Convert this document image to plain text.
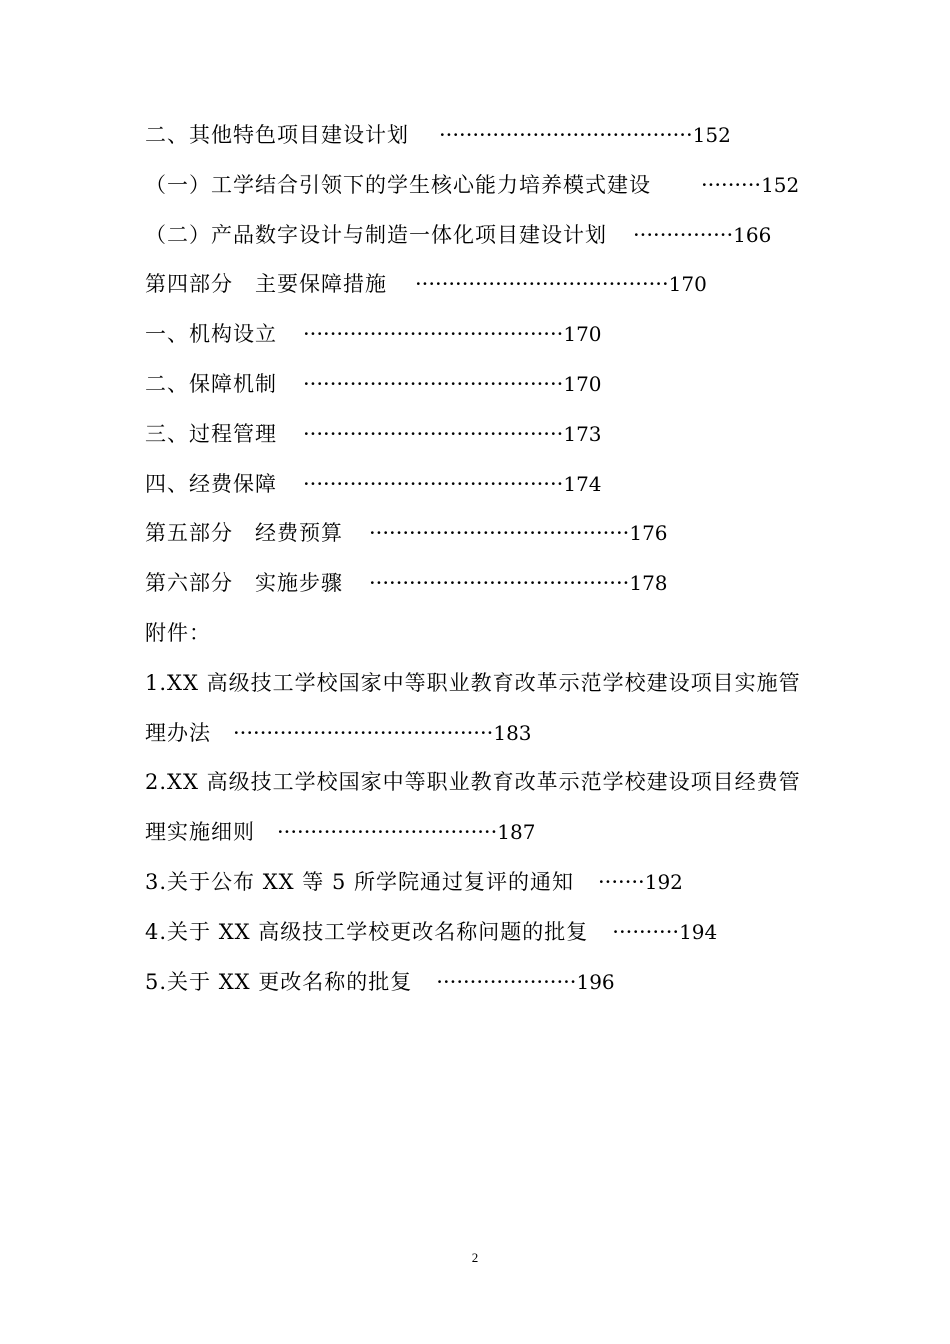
二、其他特色项目建设计划 ······································ 152
（一）工学结合引领下的学生核心能力培养模式建设 ········· 152
（二）产品数字设计与制造一体化项目建设计划 ··············· 166
第四部分　主要保障措施 ······································ 170
一、机构设立 ······································· 170
二、保障机制 ······································· 170
三、过程管理 ······································· 173
四、经费保障 ······································· 174
第五部分　经费预算 ······································· 176
第六部分　实施步骤 ······································· 178
附件：
1.XX 高级技工学校国家中等职业教育改革示范学校建设项目实施管
理办法 ······································· 183
2.XX 高级技工学校国家中等职业教育改革示范学校建设项目经费管
理实施细则 ································· 187
3.关于公布 XX 等 5 所学院通过复评的通知 ······· 192
4.关于 XX 高级技工学校更改名称问题的批复 ·········· 194
5.关于 XX 更改名称的批复 ····················· 196
2
